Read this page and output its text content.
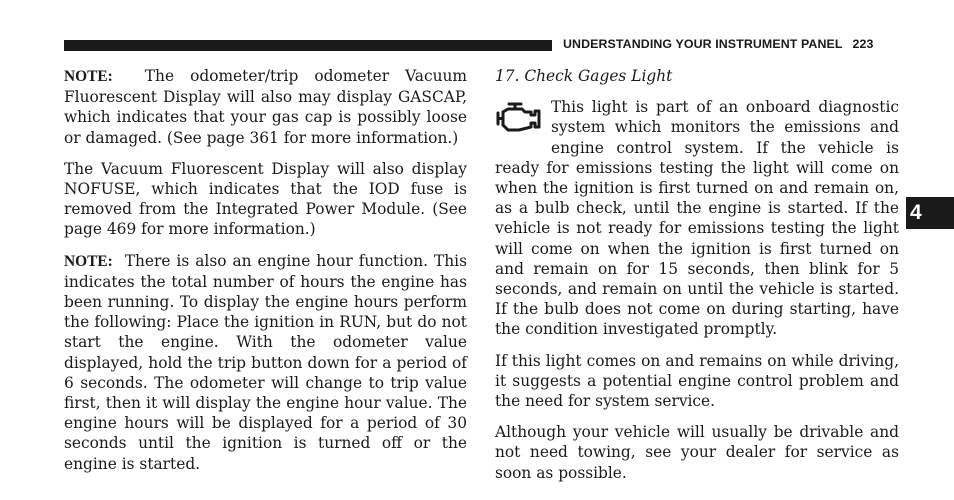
UNDERSTANDING YOUR INSTRUMENT PANEL 223

NOTE: The odometer/trip odometer Vacuum Fluorescent Display will also may display GASCAP, which indicates that your gas cap is possibly loose or damaged. (See page 361 for more information.)

The Vacuum Fluorescent Display will also display NOFUSE, which indicates that the IOD fuse is removed from the Integrated Power Module. (See page 469 for more information.)

NOTE: There is also an engine hour function. This indicates the total number of hours the engine has been running. To display the engine hours perform the following: Place the ignition in RUN, but do not start the engine. With the odometer value displayed, hold the trip button down for a period of 6 seconds. The odometer will change to trip value first, then it will display the engine hour value. The engine hours will be displayed for a period of 30 seconds until the ignition is turned off or the engine is started.

17. Check Gages Light

This light is part of an onboard diagnostic system which monitors the emissions and engine control system. If the vehicle is ready for emissions testing the light will come on when the ignition is first turned on and remain on, as a bulb check, until the engine is started. If the vehicle is not ready for emissions testing the light will come on when the ignition is first turned on and remain on for 15 seconds, then blink for 5 seconds, and remain on until the vehicle is started. If the bulb does not come on during starting, have the condition investigated promptly.

If this light comes on and remains on while driving, it suggests a potential engine control problem and the need for system service.

Although your vehicle will usually be drivable and not need towing, see your dealer for service as soon as possible.

4
